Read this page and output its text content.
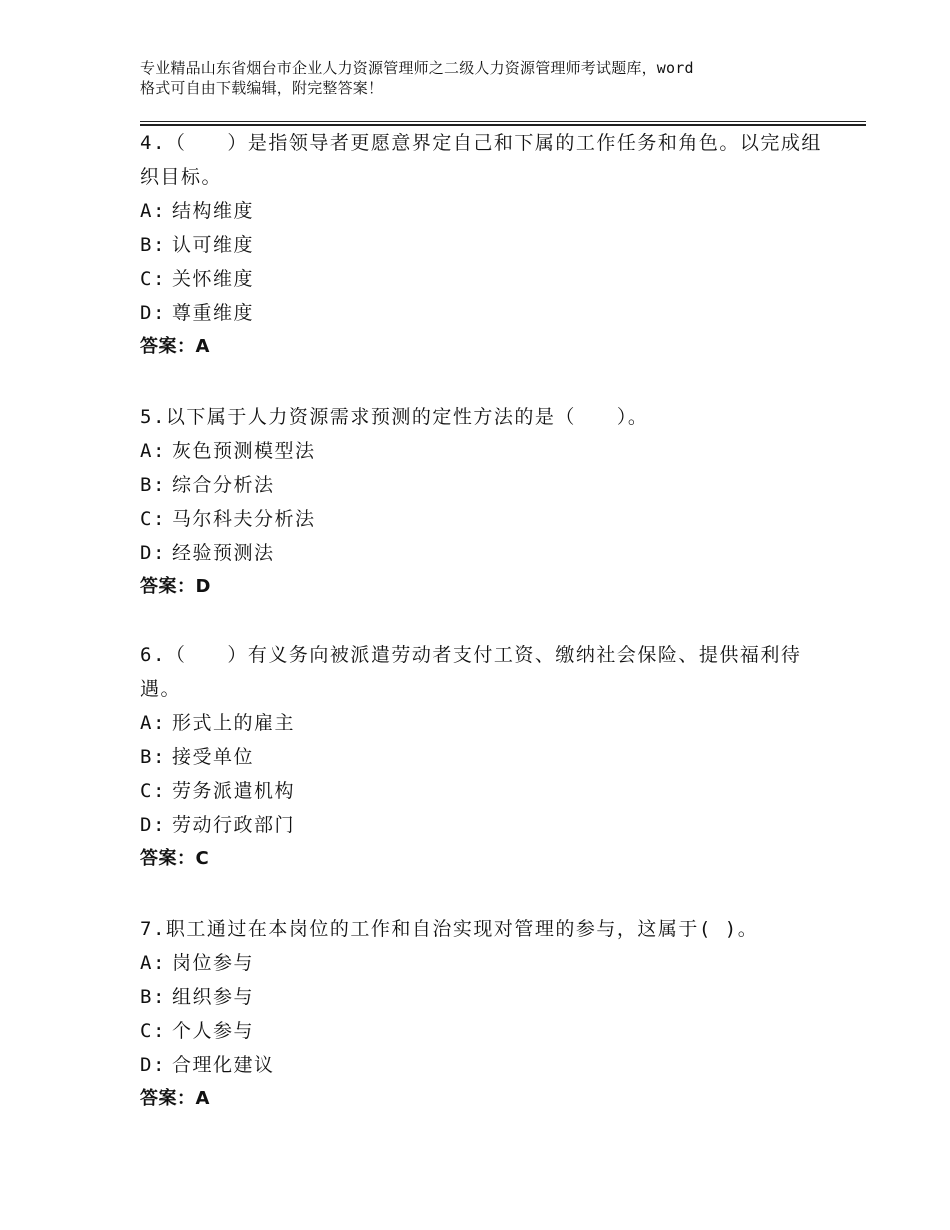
专业精品山东省烟台市企业人力资源管理师之二级人力资源管理师考试题库，word
格式可自由下载编辑，附完整答案！

4.（　　）是指领导者更愿意界定自己和下属的工作任务和角色。以完成组织目标。

A: 结构维度
B: 认可维度
C: 关怀维度
D: 尊重维度
答案：A

5.以下属于人力资源需求预测的定性方法的是（　　）。

A: 灰色预测模型法
B: 综合分析法
C: 马尔科夫分析法
D: 经验预测法
答案：D

6.（　　）有义务向被派遣劳动者支付工资、缴纳社会保险、提供福利待遇。

A: 形式上的雇主
B: 接受单位
C: 劳务派遣机构
D: 劳动行政部门
答案：C

7.职工通过在本岗位的工作和自治实现对管理的参与，这属于( )。

A: 岗位参与
B: 组织参与
C: 个人参与
D: 合理化建议
答案：A
